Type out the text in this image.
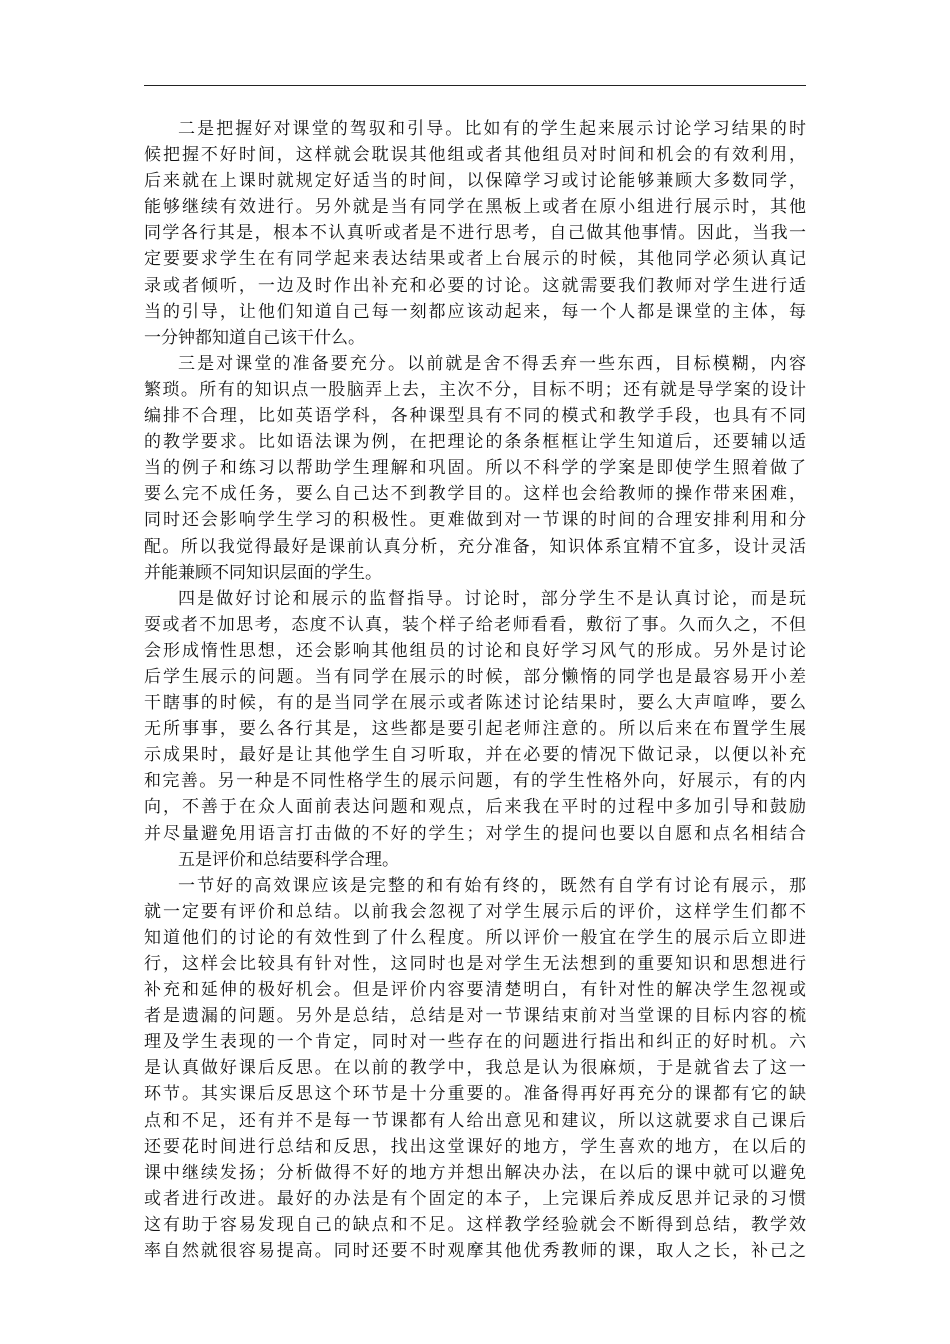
二是把握好对课堂的驾驭和引导。比如有的学生起来展示讨论学习结果的时
候把握不好时间，这样就会耽误其他组或者其他组员对时间和机会的有效利用，
后来就在上课时就规定好适当的时间，以保障学习或讨论能够兼顾大多数同学，
能够继续有效进行。另外就是当有同学在黑板上或者在原小组进行展示时，其他
同学各行其是，根本不认真听或者是不进行思考，自己做其他事情。因此，当我一
定要要求学生在有同学起来表达结果或者上台展示的时候，其他同学必须认真记
录或者倾听，一边及时作出补充和必要的讨论。这就需要我们教师对学生进行适
当的引导，让他们知道自己每一刻都应该动起来，每一个人都是课堂的主体，每
一分钟都知道自己该干什么。
三是对课堂的准备要充分。以前就是舍不得丢弃一些东西，目标模糊，内容
繁琐。所有的知识点一股脑弄上去，主次不分，目标不明；还有就是导学案的设计
编排不合理，比如英语学科，各种课型具有不同的模式和教学手段，也具有不同
的教学要求。比如语法课为例，在把理论的条条框框让学生知道后，还要辅以适
当的例子和练习以帮助学生理解和巩固。所以不科学的学案是即使学生照着做了
要么完不成任务，要么自己达不到教学目的。这样也会给教师的操作带来困难，
同时还会影响学生学习的积极性。更难做到对一节课的时间的合理安排利用和分
配。所以我觉得最好是课前认真分析，充分准备，知识体系宜精不宜多，设计灵活
并能兼顾不同知识层面的学生。
四是做好讨论和展示的监督指导。讨论时，部分学生不是认真讨论，而是玩
耍或者不加思考，态度不认真，装个样子给老师看看，敷衍了事。久而久之，不但
会形成惰性思想，还会影响其他组员的讨论和良好学习风气的形成。另外是讨论
后学生展示的问题。当有同学在展示的时候，部分懒惰的同学也是最容易开小差
干瞎事的时候，有的是当同学在展示或者陈述讨论结果时，要么大声喧哗，要么
无所事事，要么各行其是，这些都是要引起老师注意的。所以后来在布置学生展
示成果时，最好是让其他学生自习听取，并在必要的情况下做记录，以便以补充
和完善。另一种是不同性格学生的展示问题，有的学生性格外向，好展示，有的内
向，不善于在众人面前表达问题和观点，后来我在平时的过程中多加引导和鼓励
并尽量避免用语言打击做的不好的学生；对学生的提问也要以自愿和点名相结合
五是评价和总结要科学合理。
一节好的高效课应该是完整的和有始有终的，既然有自学有讨论有展示，那
就一定要有评价和总结。以前我会忽视了对学生展示后的评价，这样学生们都不
知道他们的讨论的有效性到了什么程度。所以评价一般宜在学生的展示后立即进
行，这样会比较具有针对性，这同时也是对学生无法想到的重要知识和思想进行
补充和延伸的极好机会。但是评价内容要清楚明白，有针对性的解决学生忽视或
者是遗漏的问题。另外是总结，总结是对一节课结束前对当堂课的目标内容的梳
理及学生表现的一个肯定，同时对一些存在的问题进行指出和纠正的好时机。六
是认真做好课后反思。在以前的教学中，我总是认为很麻烦，于是就省去了这一
环节。其实课后反思这个环节是十分重要的。准备得再好再充分的课都有它的缺
点和不足，还有并不是每一节课都有人给出意见和建议，所以这就要求自己课后
还要花时间进行总结和反思，找出这堂课好的地方，学生喜欢的地方，在以后的
课中继续发扬；分析做得不好的地方并想出解决办法，在以后的课中就可以避免
或者进行改进。最好的办法是有个固定的本子，上完课后养成反思并记录的习惯
这有助于容易发现自己的缺点和不足。这样教学经验就会不断得到总结，教学效
率自然就很容易提高。同时还要不时观摩其他优秀教师的课，取人之长，补己之
